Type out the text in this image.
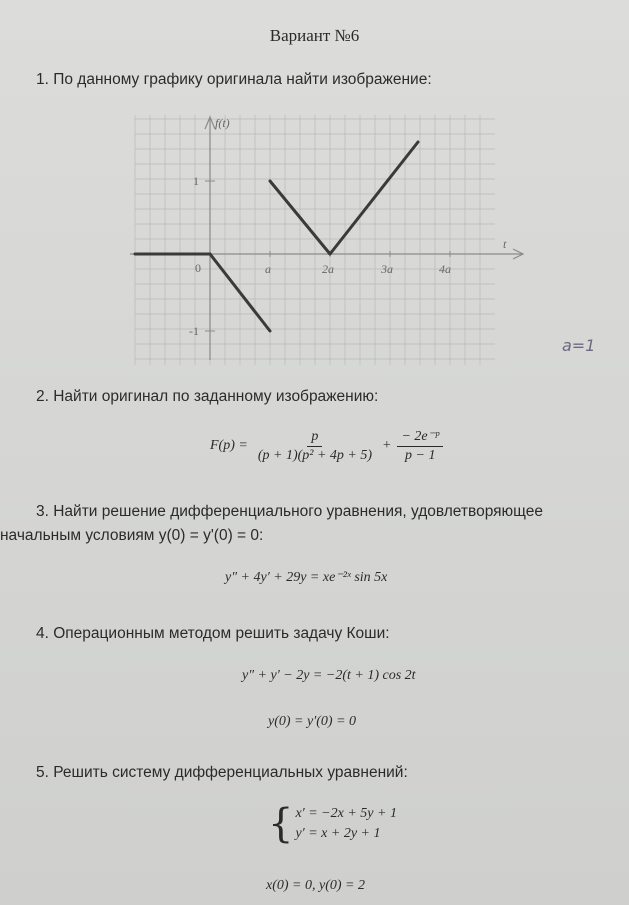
Вариант №6
1. По данному графику оригинала найти изображение:
f(t)
t
0	a	2a	3a	4a
1
-1
a=1
2. Найти оригинал по заданному изображению:
$F(p) = \frac{p}{\text{(p + 1)(p² + 4p + 5)}} + \frac{\text{− 2e⁻ᵖ}}{p - 1}$
3. Найти решение дифференциального уравнения, удовлетворяющее
начальным условиям y(0) = y'(0) = 0:
y″ + 4y′ + 29y = xe⁻²ˣ sin 5x
4. Операционным методом решить задачу Коши:
y″ + y′ − 2y = −2(t + 1) cos 2t
y(0) = y′(0) = 0
5. Решить систему дифференциальных уравнений:
{ x′ = −2x + 5y + 1
y′ = x + 2y + 1
x(0) = 0, y(0) = 2
